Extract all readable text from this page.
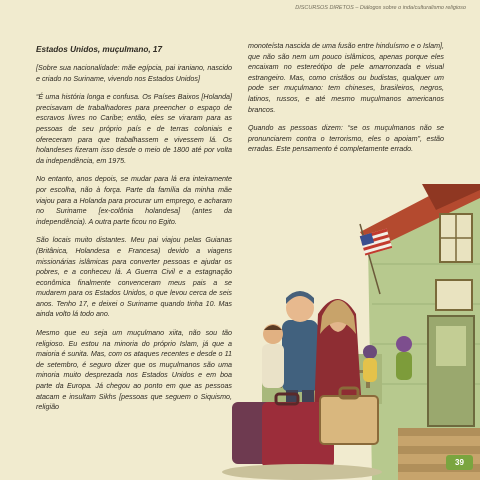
DISCURSOS DIRETOS – Diálogos sobre o inda/culturalismo religioso
Estados Unidos, muçulmano, 17

[Sobre sua nacionalidade: mãe egípcia, pai iraniano, nascido e criado no Suriname, vivendo nos Estados Unidos]

“É uma história longa e confusa. Os Países Baixos [Holanda] precisavam de trabalhadores para preencher o espaço de escravos livres no Caribe; então, eles se viraram para as pessoas de seu próprio país e de terras coloniais e ofereceram para que trabalhassem e vivessem lá. Os holandeses fizeram isso desde o meio de 1800 até por volta da independência, em 1975.

No entanto, anos depois, se mudar para lá era inteiramente por escolha, não à força. Parte da família da minha mãe viajou para a Holanda para procurar um emprego, e acharam no Suriname [ex-colônia holandesa] (antes da independência). A outra parte ficou no Egito.

São locais muito distantes. Meu pai viajou pelas Guianas (Britânica, Holandesa e Francesa) devido a viagens missionárias islâmicas para converter pessoas e ajudar os pobres, e a conheceu lá. A Guerra Civil e a estagnação econômica finalmente convenceram meus pais a se mudarem para os Estados Unidos, o que levou cerca de seis anos. Tenho 17, e deixei o Suriname quando tinha 10. Mas ainda volto lá todo ano.

Mesmo que eu seja um muçulmano xiita, não sou tão religioso. Eu estou na minoria do próprio Islam, já que a maioria é sunita. Mas, com os ataques recentes e desde o 11 de setembro, é seguro dizer que os muçulmanos são uma minoria muito desprezada nos Estados Unidos e em boa parte da Europa. Já chegou ao ponto em que as pessoas atacam e insultam Sikhs [pessoas que seguem o Siquismo, religião

monoteísta nascida de uma fusão entre hinduísmo e o Islam], que não são nem um pouco islâmicos, apenas porque eles encaixam no estereótipo de pele amarronzada e visual estrangeiro. Mas, como cristãos ou budistas, qualquer um pode ser muçulmano: tem chineses, brasileiros, negros, latinos, russos, e até mesmo muçulmanos americanos brancos.

Quando as pessoas dizem: “se os muçulmanos não se pronunciarem contra o terrorismo, eles o apoiam”, estão erradas. Este pensamento é completamente errado.

39
